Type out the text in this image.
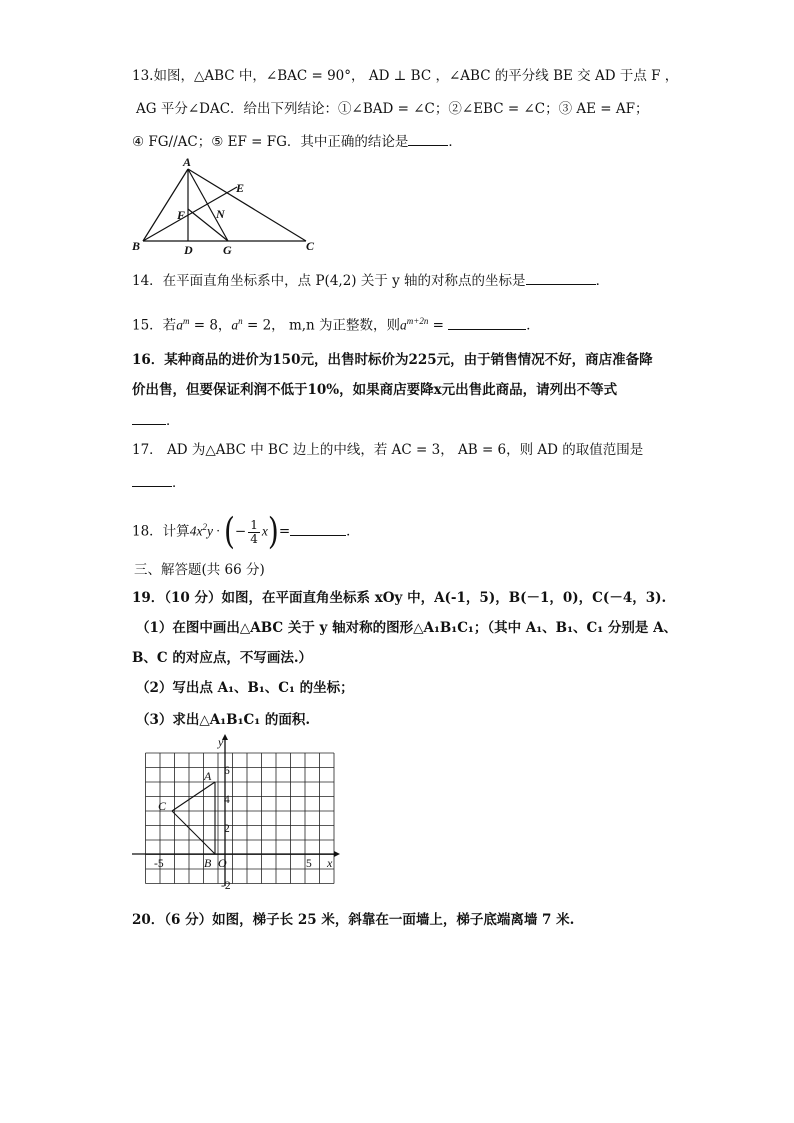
13.如图，△ABC 中，∠BAC = 90°， AD ⊥ BC ，∠ABC 的平分线 BE 交 AD 于点 F ，
AG 平分∠DAC．给出下列结论：①∠BAD = ∠C；②∠EBC = ∠C；③ AE = AF；
④ FG//AC；⑤ EF = FG．其中正确的结论是	．
A
B	C
D
E
F
G
N
14．在平面直角坐标系中，点 P(4,2) 关于 y 轴的对称点的坐标是	．
15．若$a^m = 8$，$a^n = 2$， m,n 为正整数，则$a^{m+2n}$ =	．
16．某种商品的进价为150元，出售时标价为225元，由于销售情况不好，商店准备降
价出售，但要保证利润不低于10%，如果商店要降x元出售此商品，请列出不等式
．
17． AD 为△ABC 中 BC 边上的中线，若 AC = 3， AB = 6，则 AD 的取值范围是
．
18．计算$4x^2y$ · (− $\frac{1}{4} x)=$	．
三、解答题(共 66 分)
19．（10 分）如图，在平面直角坐标系 xOy 中，A(-1，5)，B(－1，0)，C(－4，3).
（1）在图中画出△ABC 关于 y 轴对称的图形△A₁B₁C₁；（其中 A₁、B₁、C₁ 分别是 A、
B、C 的对应点，不写画法.）
（2）写出点 A₁、B₁、C₁ 的坐标；
（3）求出△A₁B₁C₁ 的面积.
A
C
B O	x
y
-5	5
6
4
2
-2
20．（6 分）如图，梯子长 25 米，斜靠在一面墙上，梯子底端离墙 7 米.
